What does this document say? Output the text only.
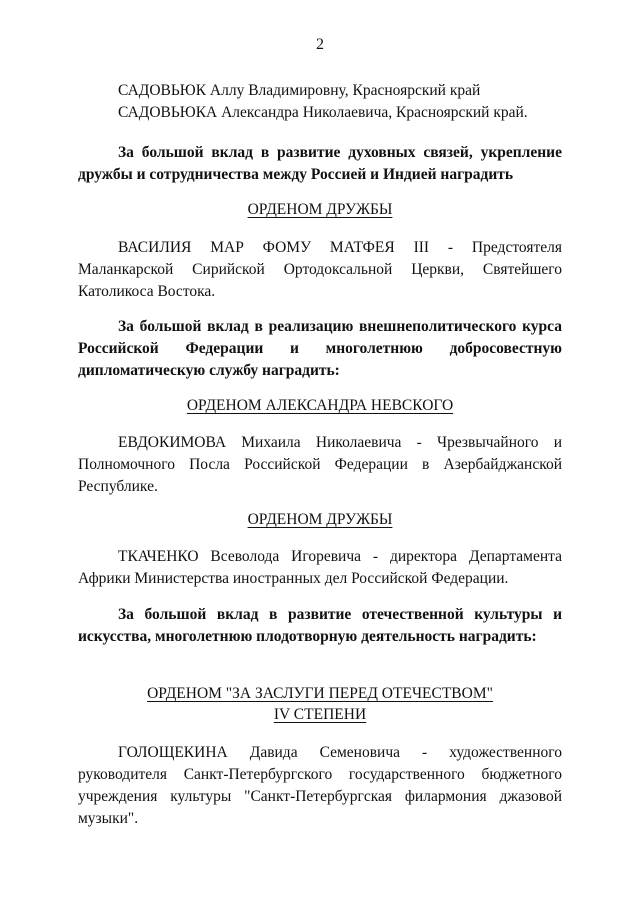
2
САДОВЬЮК Аллу Владимировну, Красноярский край
САДОВЬЮКА Александра Николаевича, Красноярский край.
За большой вклад в развитие духовных связей, укрепление дружбы и сотрудничества между Россией и Индией наградить
ОРДЕНОМ ДРУЖБЫ
ВАСИЛИЯ МАР ФОМУ МАТФЕЯ III - Предстоятеля Маланкарской Сирийской Ортодоксальной Церкви, Святейшего Католикоса Востока.
За большой вклад в реализацию внешнеполитического курса Российской Федерации и многолетнюю добросовестную дипломатическую службу наградить:
ОРДЕНОМ АЛЕКСАНДРА НЕВСКОГО
ЕВДОКИМОВА Михаила Николаевича - Чрезвычайного и Полномочного Посла Российской Федерации в Азербайджанской Республике.
ОРДЕНОМ ДРУЖБЫ
ТКАЧЕНКО Всеволода Игоревича - директора Департамента Африки Министерства иностранных дел Российской Федерации.
За большой вклад в развитие отечественной культуры и искусства, многолетнюю плодотворную деятельность наградить:
ОРДЕНОМ "ЗА ЗАСЛУГИ ПЕРЕД ОТЕЧЕСТВОМ"
IV СТЕПЕНИ
ГОЛОЩЕКИНА Давида Семеновича - художественного руководителя Санкт-Петербургского государственного бюджетного учреждения культуры "Санкт-Петербургская филармония джазовой музыки".
